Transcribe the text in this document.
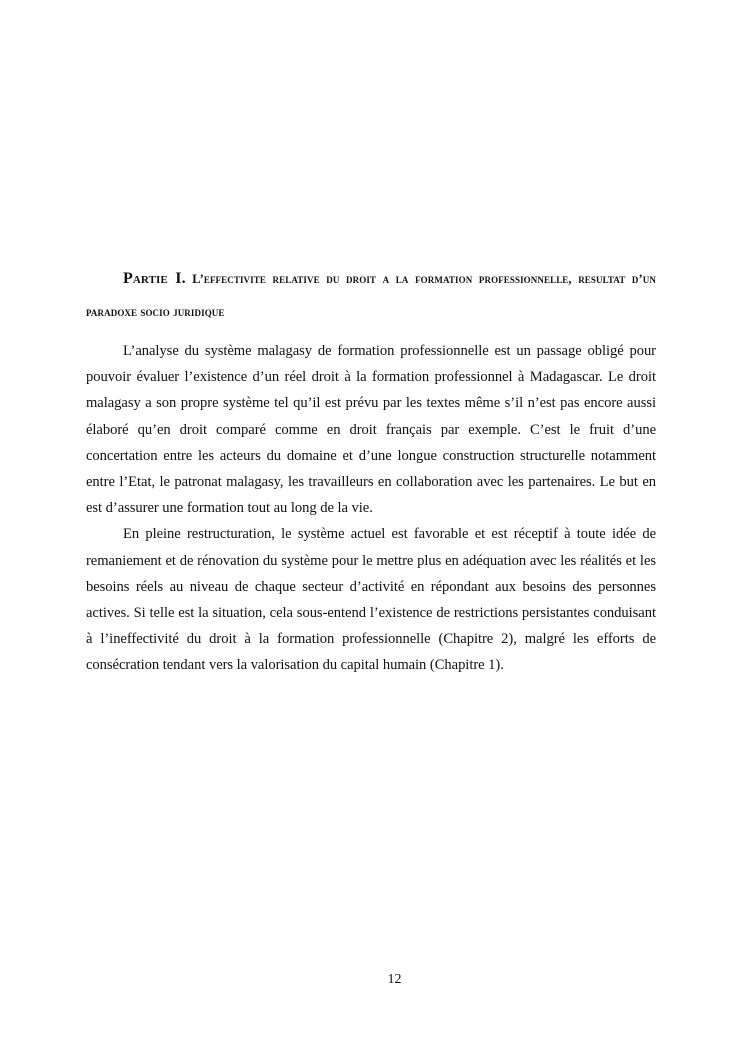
Partie I. L’effectivite relative du droit a la formation professionnelle, resultat d’un paradoxe socio juridique

L’analyse du système malagasy de formation professionnelle est un passage obligé pour pouvoir évaluer l’existence d’un réel droit à la formation professionnel à Madagascar. Le droit malagasy a son propre système tel qu’il est prévu par les textes même s’il n’est pas encore aussi élaboré qu’en droit comparé comme en droit français par exemple. C’est le fruit d’une concertation entre les acteurs du domaine et d’une longue construction structurelle notamment entre l’Etat, le patronat malagasy, les travailleurs en collaboration avec les partenaires. Le but en est d’assurer une formation tout au long de la vie.

En pleine restructuration, le système actuel est favorable et est réceptif à toute idée de remaniement et de rénovation du système pour le mettre plus en adéquation avec les réalités et les besoins réels au niveau de chaque secteur d’activité en répondant aux besoins des personnes actives. Si telle est la situation, cela sous-entend l’existence de restrictions persistantes conduisant à l’ineffectivité du droit à la formation professionnelle (Chapitre 2), malgré les efforts de consécration tendant vers la valorisation du capital humain (Chapitre 1).

12
